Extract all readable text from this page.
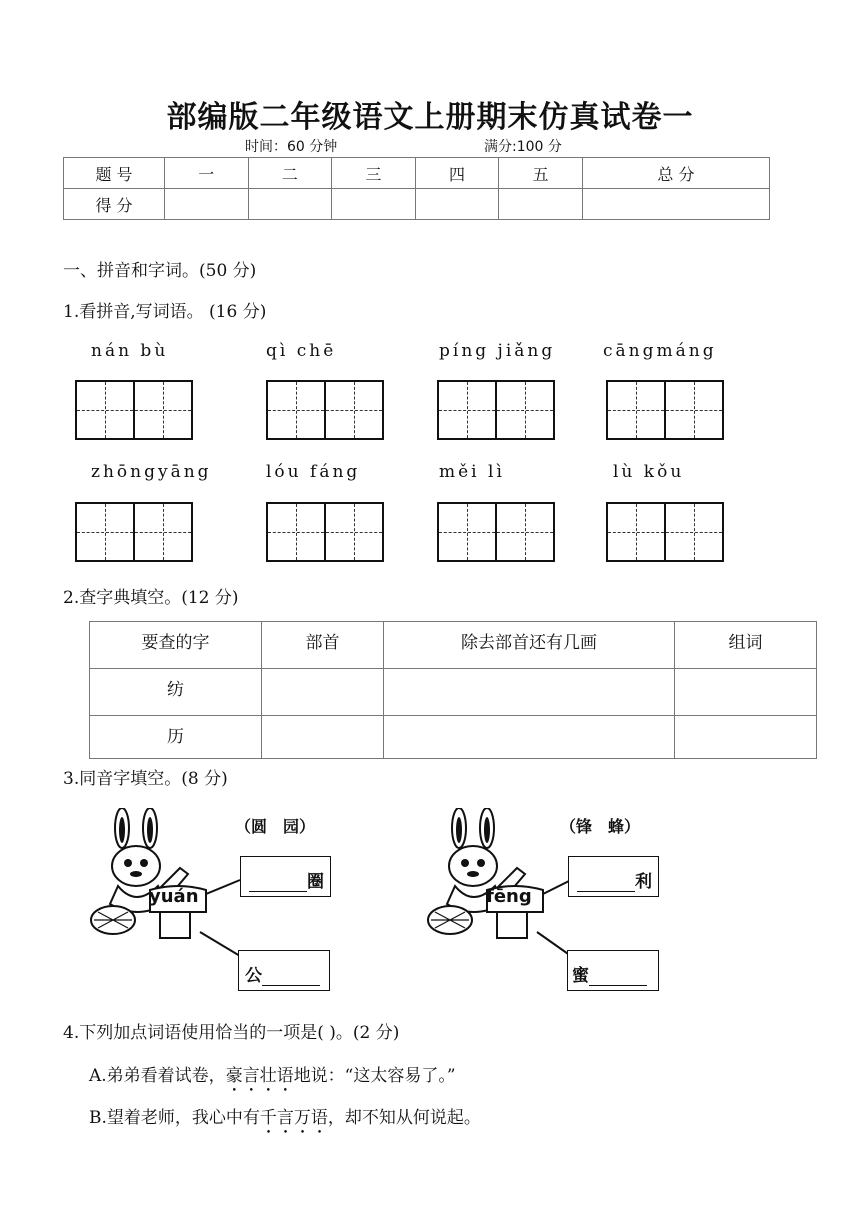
部编版二年级语文上册期末仿真试卷一
时间：60 分钟	满分:100 分
题 号	一	二	三	四	五	总 分
得 分						
一、拼音和字词。(50 分)
1.看拼音,写词语。 (16 分)
nán bù	qì chē	píng jiǎng	cāngmáng
zhōngyāng	lóu fáng	měi lì	lù kǒu
2.查字典填空。(12 分)
要查的字	部首	除去部首还有几画	组词
纺			
历			
3.同音字填空。(8 分)
yuán
（圆　园）
圈
公
fēng
（锋　蜂）
利
蜜
4.下列加点词语使用恰当的一项是( )。(2 分)
A.弟弟看着试卷，豪言壮语地说：“这太容易了。”
B.望着老师，我心中有千言万语，却不知从何说起。
